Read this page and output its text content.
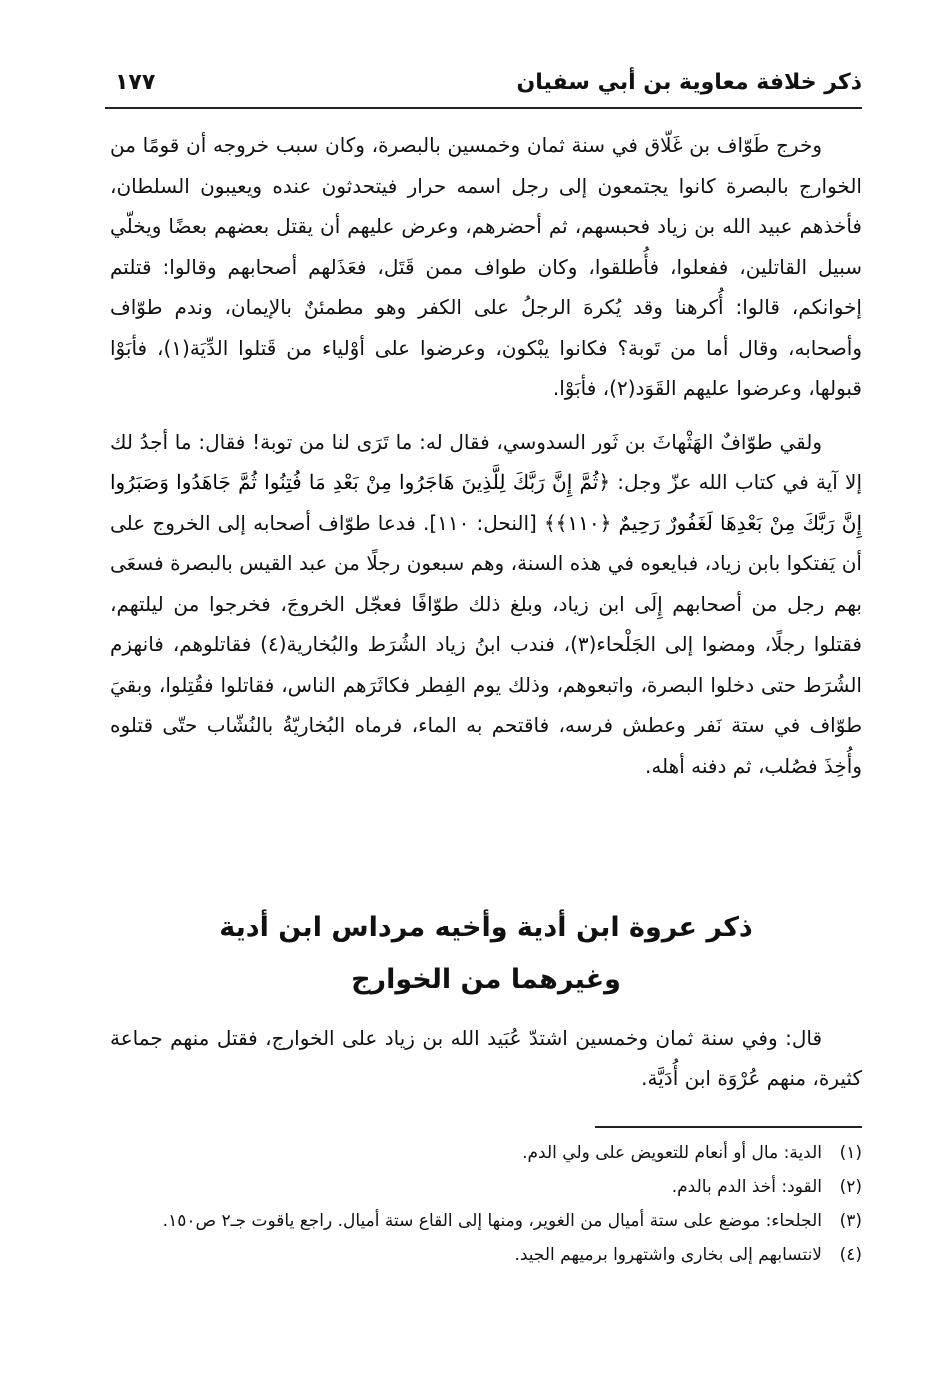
ذكر خلافة معاوية بن أبي سفيان
١٧٧

وخرج طَوّاف بن غَلّاق في سنة ثمان وخمسين بالبصرة، وكان سبب خروجه أن قومًا من الخوارج بالبصرة كانوا يجتمعون إلى رجل اسمه حرار فيتحدثون عنده ويعيبون السلطان، فأخذهم عبيد الله بن زياد فحبسهم، ثم أحضرهم، وعرض عليهم أن يقتل بعضهم بعضًا ويخلّي سبيل القاتلين، ففعلوا، فأُطلقوا، وكان طواف ممن قَتَل، فعَذَلهم أصحابهم وقالوا: قتلتم إخوانكم، قالوا: أُكرهنا وقد يُكرهَ الرجلُ على الكفر وهو مطمئنٌ بالإيمان، وندم طوّاف وأصحابه، وقال أما من تَوبة؟ فكانوا يبْكون، وعرضوا على أوْلياء من قَتلوا الدِّيَة(١)، فأبَوْا قبولها، وعرضوا عليهم القَوَد(٢)، فأبَوْا.

ولقي طوّافٌ الهَثْهاثَ بن ثَور السدوسي، فقال له: ما تَرَى لنا من توبة! فقال: ما أجدُ لك إلا آية في كتاب الله عزّ وجل: ﴿ثُمَّ إِنَّ رَبَّكَ لِلَّذِينَ هَاجَرُوا مِنْ بَعْدِ مَا فُتِنُوا ثُمَّ جَاهَدُوا وَصَبَرُوا إِنَّ رَبَّكَ مِنْ بَعْدِهَا لَغَفُورٌ رَحِيمٌ ﴿١١٠﴾﴾ [النحل: ١١٠]. فدعا طوّاف أصحابه إلى الخروج على أن يَفتكوا بابن زياد، فبايعوه في هذه السنة، وهم سبعون رجلًا من عبد القيس بالبصرة فسعَى بهم رجل من أصحابهم إِلَى ابن زياد، وبلغ ذلك طوّافًا فعجّل الخروجَ، فخرجوا من ليلتهم، فقتلوا رجلًا، ومضوا إلى الجَلْحاء(٣)، فندب ابنُ زياد الشُرَط والبُخارية(٤) فقاتلوهم، فانهزم الشُرَط حتى دخلوا البصرة، واتبعوهم، وذلك يوم الفِطر فكاثَرَهم الناس، فقاتلوا فقُتِلوا، وبقيَ طوّاف في ستة نَفر وعطش فرسه، فاقتحم به الماء، فرماه البُخاريّةُ بالنُشّاب حتّى قتلوه وأُخِذَ فصُلب، ثم دفنه أهله.

ذكر عروة ابن أدية وأخيه مرداس ابن أدية
وغيرهما من الخوارج

قال: وفي سنة ثمان وخمسين اشتدّ عُبَيد الله بن زياد على الخوارج، فقتل منهم جماعة كثيرة، منهم عُرْوَة ابن أُدَيَّة.

(١)
الدية: مال أو أنعام للتعويض على ولي الدم.
(٢)
القود: أخذ الدم بالدم.
(٣)
الجلحاء: موضع على ستة أميال من الغوير، ومنها إلى القاع ستة أميال. راجع ياقوت جـ٢ ص١٥٠.
(٤)
لانتسابهم إلى بخارى واشتهروا برميهم الجيد.
